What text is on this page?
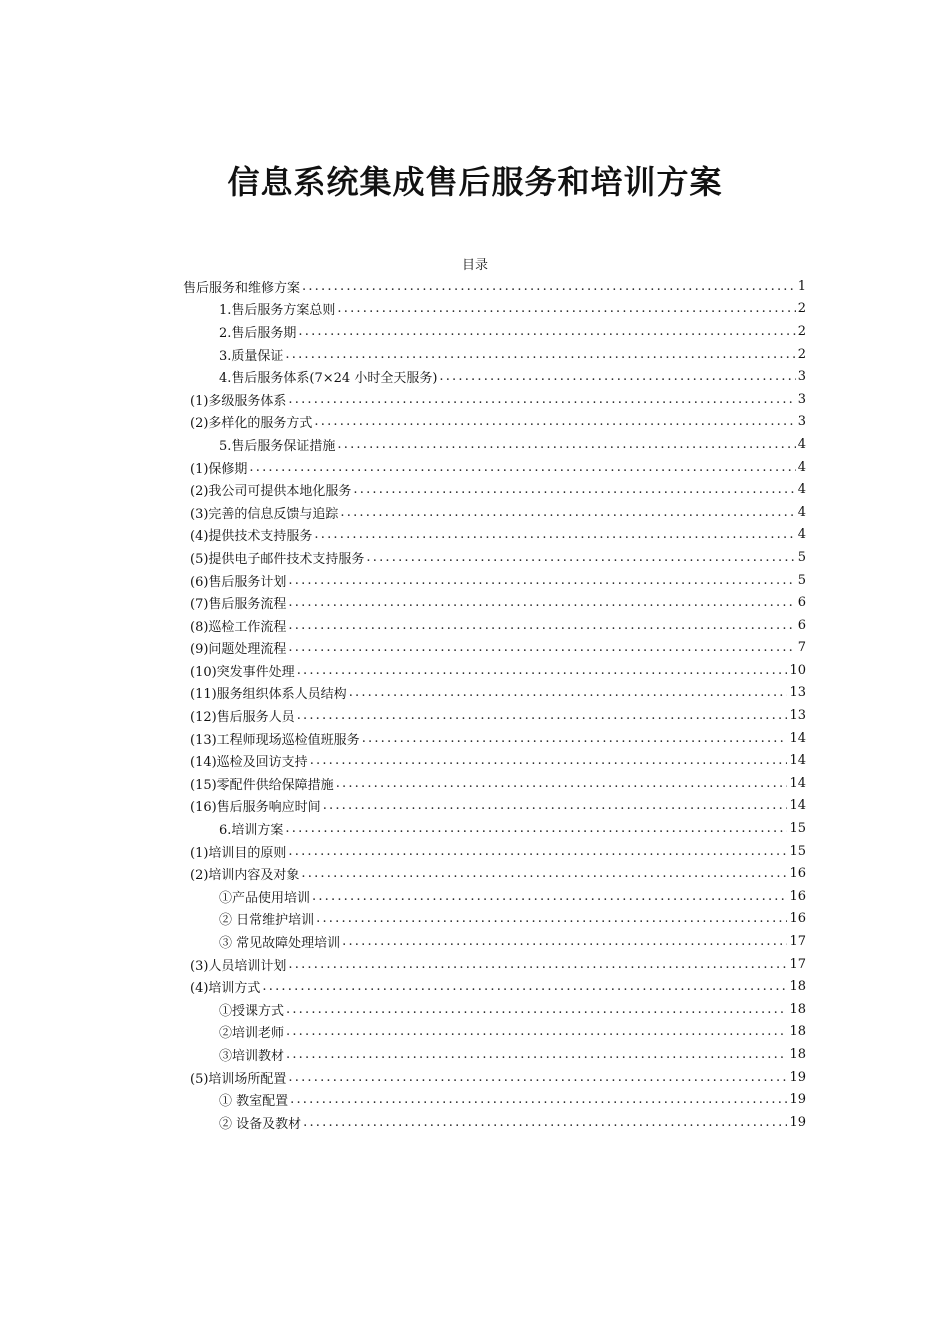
信息系统集成售后服务和培训方案
目录
售后服务和维修方案 .....	1
1.售后服务方案总则 .....	2
2.售后服务期 .....	2
3.质量保证 .....	2
4.售后服务体系(7×24 小时全天服务) .....	3
(1)多级服务体系 .....	3
(2)多样化的服务方式 .....	3
5.售后服务保证措施 .....	4
(1)保修期 .....	4
(2)我公司可提供本地化服务 .....	4
(3)完善的信息反馈与追踪 .....	4
(4)提供技术支持服务 .....	4
(5)提供电子邮件技术支持服务 .....	5
(6)售后服务计划 .....	5
(7)售后服务流程 .....	6
(8)巡检工作流程 .....	6
(9)问题处理流程 .....	7
(10)突发事件处理 .....	10
(11)服务组织体系人员结构 .....	13
(12)售后服务人员 .....	13
(13)工程师现场巡检值班服务 .....	14
(14)巡检及回访支持 .....	14
(15)零配件供给保障措施 .....	14
(16)售后服务响应时间 .....	14
6.培训方案 .....	15
(1)培训目的原则 .....	15
(2)培训内容及对象 .....	16
①产品使用培训 .....	16
② 日常维护培训 .....	16
③ 常见故障处理培训 .....	17
(3)人员培训计划 .....	17
(4)培训方式 .....	18
①授课方式 .....	18
②培训老师 .....	18
③培训教材 .....	18
(5)培训场所配置 .....	19
① 教室配置 .....	19
② 设备及教材 .....	19
